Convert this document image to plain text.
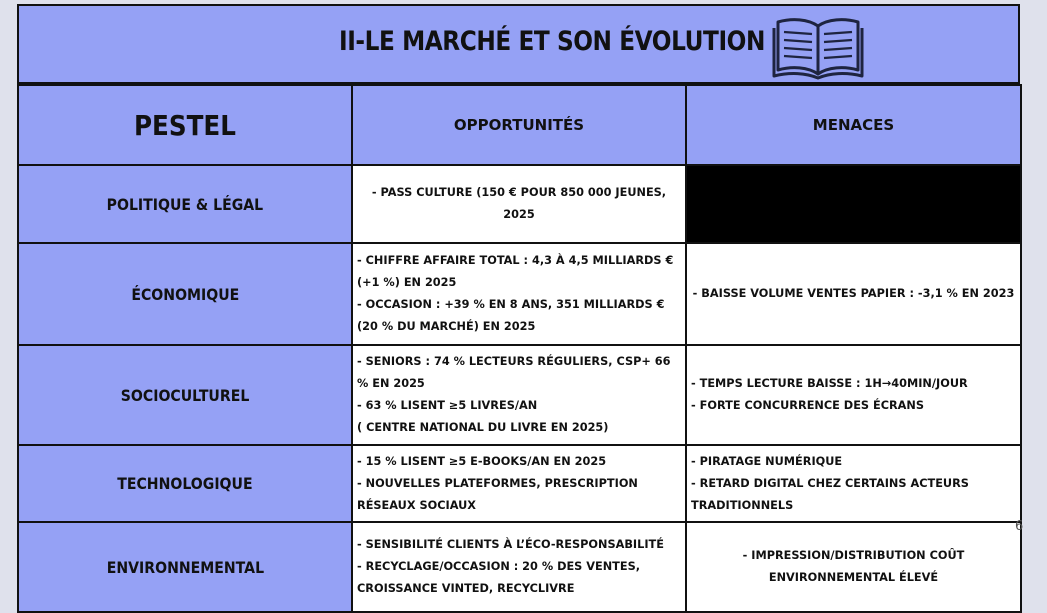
II-LE MARCHÉ ET SON ÉVOLUTION
PESTEL	OPPORTUNITÉS	MENACES
POLITIQUE & LÉGAL	- PASS CULTURE (150 € POUR 850 000 JEUNES, 2025	

ÉCONOMIQUE	- CHIFFRE AFFAIRE TOTAL : 4,3 À 4,5 MILLIARDS € (+1 %) EN 2025
- OCCASION : +39 % EN 8 ANS, 351 MILLIARDS € (20 % DU MARCHÉ) EN 2025	- BAISSE VOLUME VENTES PAPIER : -3,1 % EN 2023

SOCIOCULTUREL	- SENIORS : 74 % LECTEURS RÉGULIERS, CSP+ 66 % EN 2025
- 63 % LISENT ≥5 LIVRES/AN
( CENTRE NATIONAL DU LIVRE EN 2025)	- TEMPS LECTURE BAISSE : 1H→40MIN/JOUR
- FORTE CONCURRENCE DES ÉCRANS

TECHNOLOGIQUE	- 15 % LISENT ≥5 E-BOOKS/AN EN 2025
- NOUVELLES PLATEFORMES, PRESCRIPTION RÉSEAUX SOCIAUX	- PIRATAGE NUMÉRIQUE
- RETARD DIGITAL CHEZ CERTAINS ACTEURS TRADITIONNELS

ENVIRONNEMENTAL	- SENSIBILITÉ CLIENTS À L’ÉCO-RESPONSABILITÉ
- RECYCLAGE/OCCASION : 20 % DES VENTES, CROISSANCE VINTED, RECYCLIVRE	- IMPRESSION/DISTRIBUTION COÛT ENVIRONNEMENTAL ÉLEVÉ
6
